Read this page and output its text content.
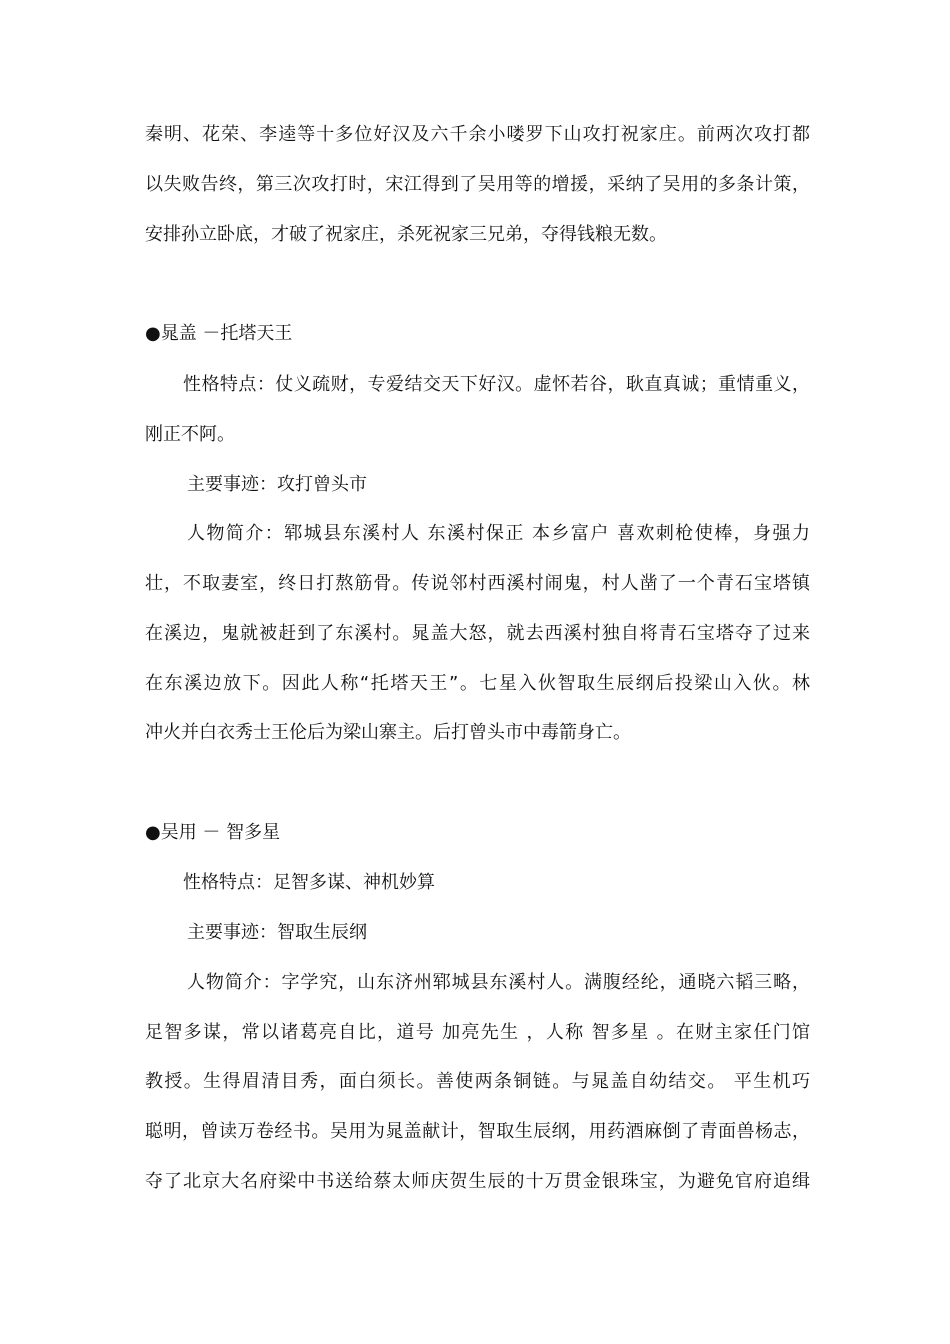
秦明、花荣、李逵等十多位好汉及六千余小喽罗下山攻打祝家庄。前两次攻打都
以失败告终，第三次攻打时，宋江得到了吴用等的增援，采纳了吴用的多条计策，
安排孙立卧底，才破了祝家庄，杀死祝家三兄弟，夺得钱粮无数。
●晁盖 －托塔天王
性格特点：仗义疏财，专爱结交天下好汉。虚怀若谷，耿直真诚；重情重义，
刚正不阿。
主要事迹：攻打曾头市
人物简介：郓城县东溪村人 东溪村保正 本乡富户 喜欢刺枪使棒，身强力
壮，不取妻室，终日打熬筋骨。传说邻村西溪村闹鬼，村人凿了一个青石宝塔镇
在溪边，鬼就被赶到了东溪村。晁盖大怒，就去西溪村独自将青石宝塔夺了过来
在东溪边放下。因此人称“托塔天王”。七星入伙智取生辰纲后投梁山入伙。林
冲火并白衣秀士王伦后为梁山寨主。后打曾头市中毒箭身亡。
●吴用 － 智多星
性格特点：足智多谋、神机妙算
主要事迹：智取生辰纲
人物简介：字学究，山东济州郓城县东溪村人。满腹经纶，通晓六韬三略，
足智多谋，常以诸葛亮自比，道号 加亮先生 ，人称 智多星 。在财主家任门馆
教授。生得眉清目秀，面白须长。善使两条铜链。与晁盖自幼结交。 平生机巧
聪明，曾读万卷经书。吴用为晁盖献计，智取生辰纲，用药酒麻倒了青面兽杨志，
夺了北京大名府梁中书送给蔡太师庆贺生辰的十万贯金银珠宝，为避免官府追缉
